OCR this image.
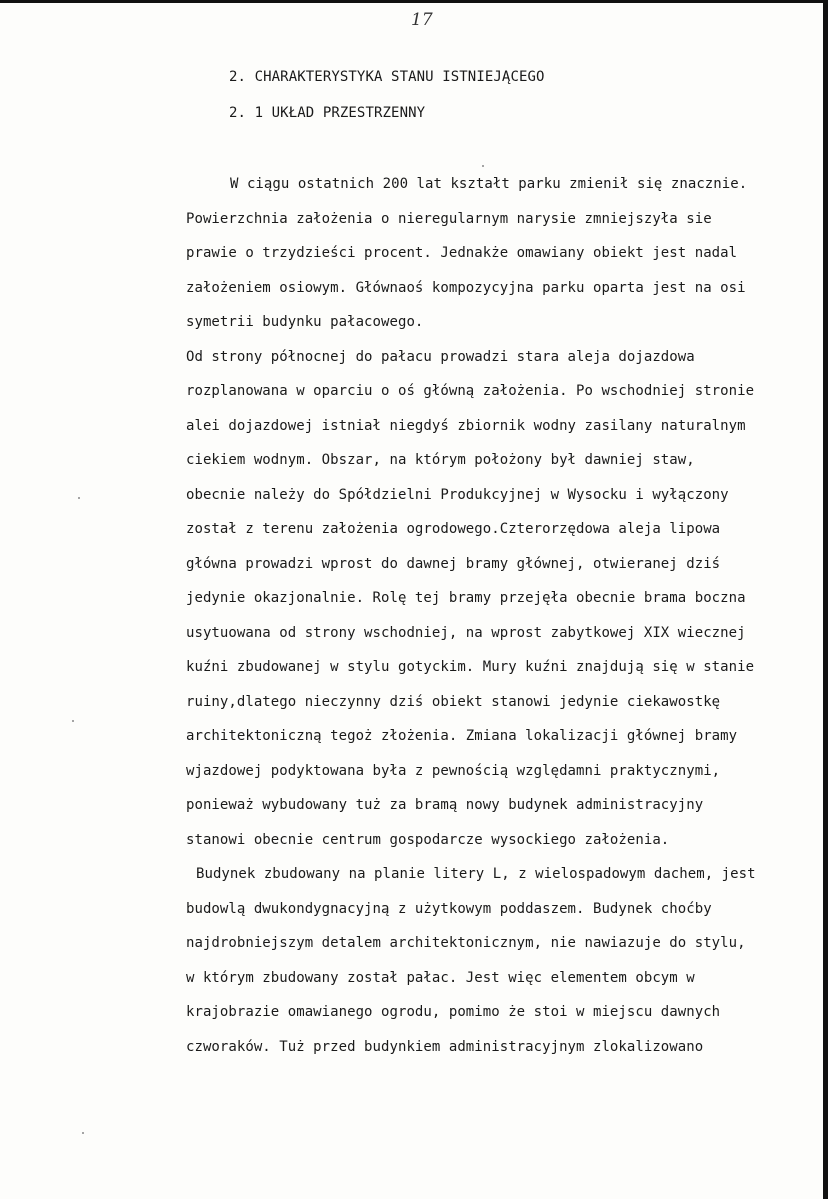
17
2. CHARAKTERYSTYKA STANU ISTNIEJĄCEGO
2. 1 UKŁAD PRZESTRZENNY
W ciągu ostatnich 200 lat kształt parku zmienił się znacznie.
Powierzchnia założenia o nieregularnym narysie zmniejszyła sie
prawie o trzydzieści procent. Jednakże omawiany obiekt jest nadal
założeniem osiowym. Głównaoś kompozycyjna parku oparta jest na osi
symetrii budynku pałacowego.
Od strony północnej do pałacu prowadzi stara aleja dojazdowa
rozplanowana w oparciu o oś główną założenia. Po wschodniej stronie
alei dojazdowej istniał niegdyś zbiornik wodny zasilany naturalnym
ciekiem wodnym. Obszar, na którym położony był dawniej staw,
obecnie należy do Spółdzielni Produkcyjnej w Wysocku i wyłączony
został z terenu założenia ogrodowego.Czterorzędowa aleja lipowa
główna prowadzi wprost do dawnej bramy głównej, otwieranej dziś
jedynie okazjonalnie. Rolę tej bramy przejęła obecnie brama boczna
usytuowana od strony wschodniej, na wprost zabytkowej XIX wiecznej
kuźni zbudowanej w stylu gotyckim. Mury kuźni znajdują się w stanie
ruiny,dlatego nieczynny dziś obiekt stanowi jedynie ciekawostkę
architektoniczną tegoż złożenia. Zmiana lokalizacji głównej bramy
wjazdowej podyktowana była z pewnością względamni praktycznymi,
ponieważ wybudowany tuż za bramą nowy budynek administracyjny
stanowi obecnie centrum gospodarcze wysockiego założenia.
Budynek zbudowany na planie litery L, z wielospadowym dachem, jest
budowlą dwukondygnacyjną z użytkowym poddaszem. Budynek choćby
najdrobniejszym detalem architektonicznym, nie nawiazuje do stylu,
w którym zbudowany został pałac. Jest więc elementem obcym w
krajobrazie omawianego ogrodu, pomimo że stoi w miejscu dawnych
czworaków. Tuż przed budynkiem administracyjnym zlokalizowano
